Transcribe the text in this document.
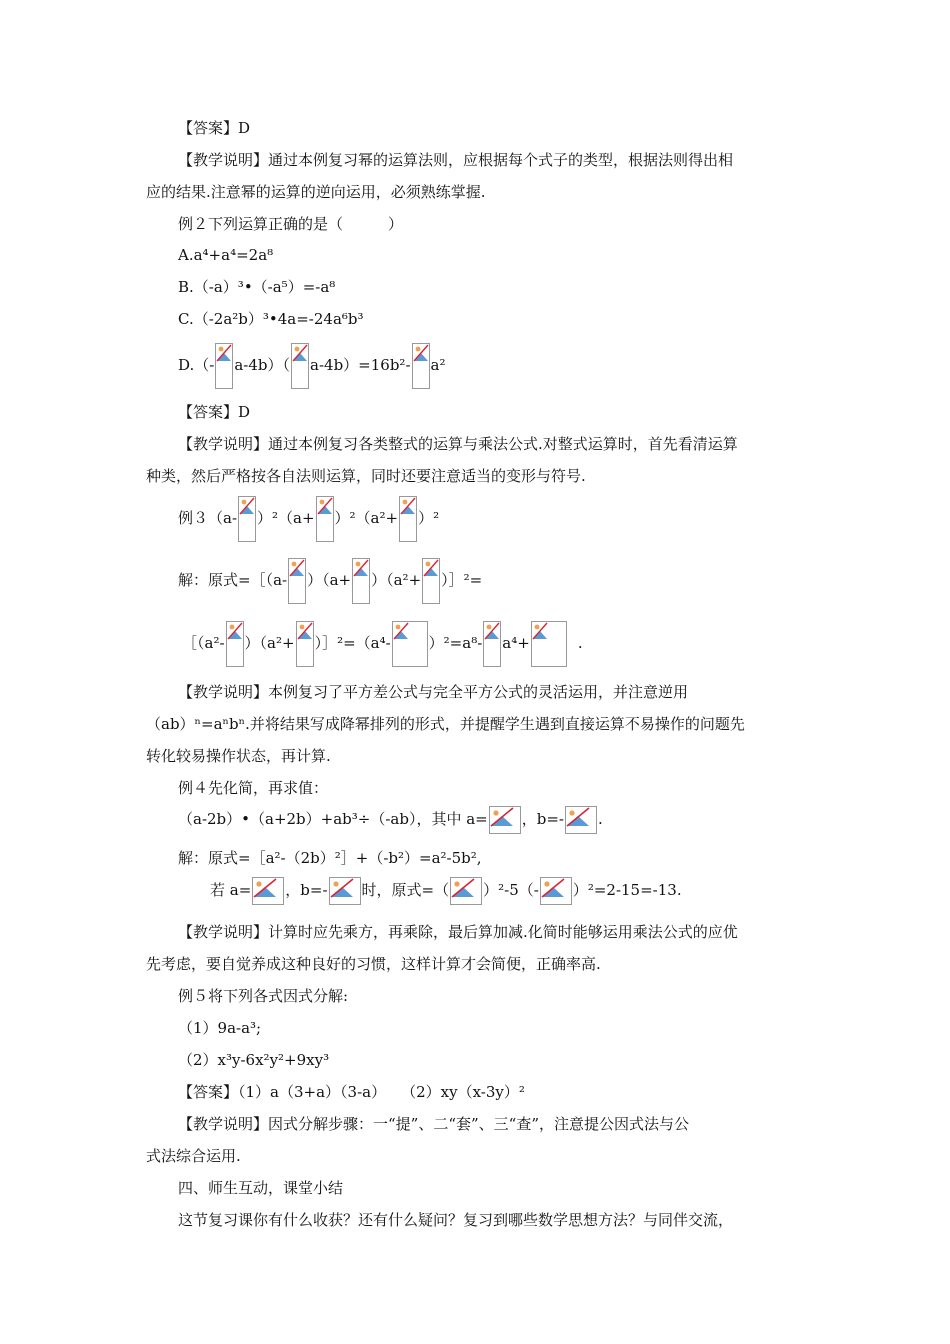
【答案】D
【教学说明】通过本例复习幂的运算法则，应根据每个式子的类型，根据法则得出相
应的结果.注意幂的运算的逆向运用，必须熟练掌握.
例２下列运算正确的是（　　　）
A.a⁴+a⁴=2a⁸
B.（-a）³•（-a⁵）=-a⁸
C.（-2a²b）³•4a=-24a⁶b³
D.（- a-4b）（ a-4b）=16b²- a²
【答案】D
【教学说明】通过本例复习各类整式的运算与乘法公式.对整式运算时，首先看清运算
种类，然后严格按各自法则运算，同时还要注意适当的变形与符号.
例３（a- ）²（a+ ）²（a²+ ）²
解：原式=［（a- ）（a+ ）（a²+ ）］²=
［（a²- ）（a²+ ）］²=（a⁴-	）²=a⁸- a⁴+	.
【教学说明】本例复习了平方差公式与完全平方公式的灵活运用，并注意逆用
（ab）ⁿ=aⁿbⁿ.并将结果写成降幂排列的形式，并提醒学生遇到直接运算不易操作的问题先
转化较易操作状态，再计算.
例４先化简，再求值：
（a-2b）•（a+2b）+ab³÷（-ab），其中 a= ，b=- .
解：原式=［a²-（2b）²］+（-b²）=a²-5b²,
若 a= ，b=- 时，原式=（ ）²-5（- ）²=2-15=-13.
【教学说明】计算时应先乘方，再乘除，最后算加减.化简时能够运用乘法公式的应优
先考虑，要自觉养成这种良好的习惯，这样计算才会简便，正确率高.
例５将下列各式因式分解:
（1）9a-a³;
（2）x³y-6x²y²+9xy³
【答案】（1）a（3+a）（3-a）　　（2）xy（x-3y）²
【教学说明】因式分解步骤：一“提”、二“套”、三“查”，注意提公因式法与公
式法综合运用.
四、师生互动，课堂小结
这节复习课你有什么收获？还有什么疑问？复习到哪些数学思想方法？与同伴交流，
